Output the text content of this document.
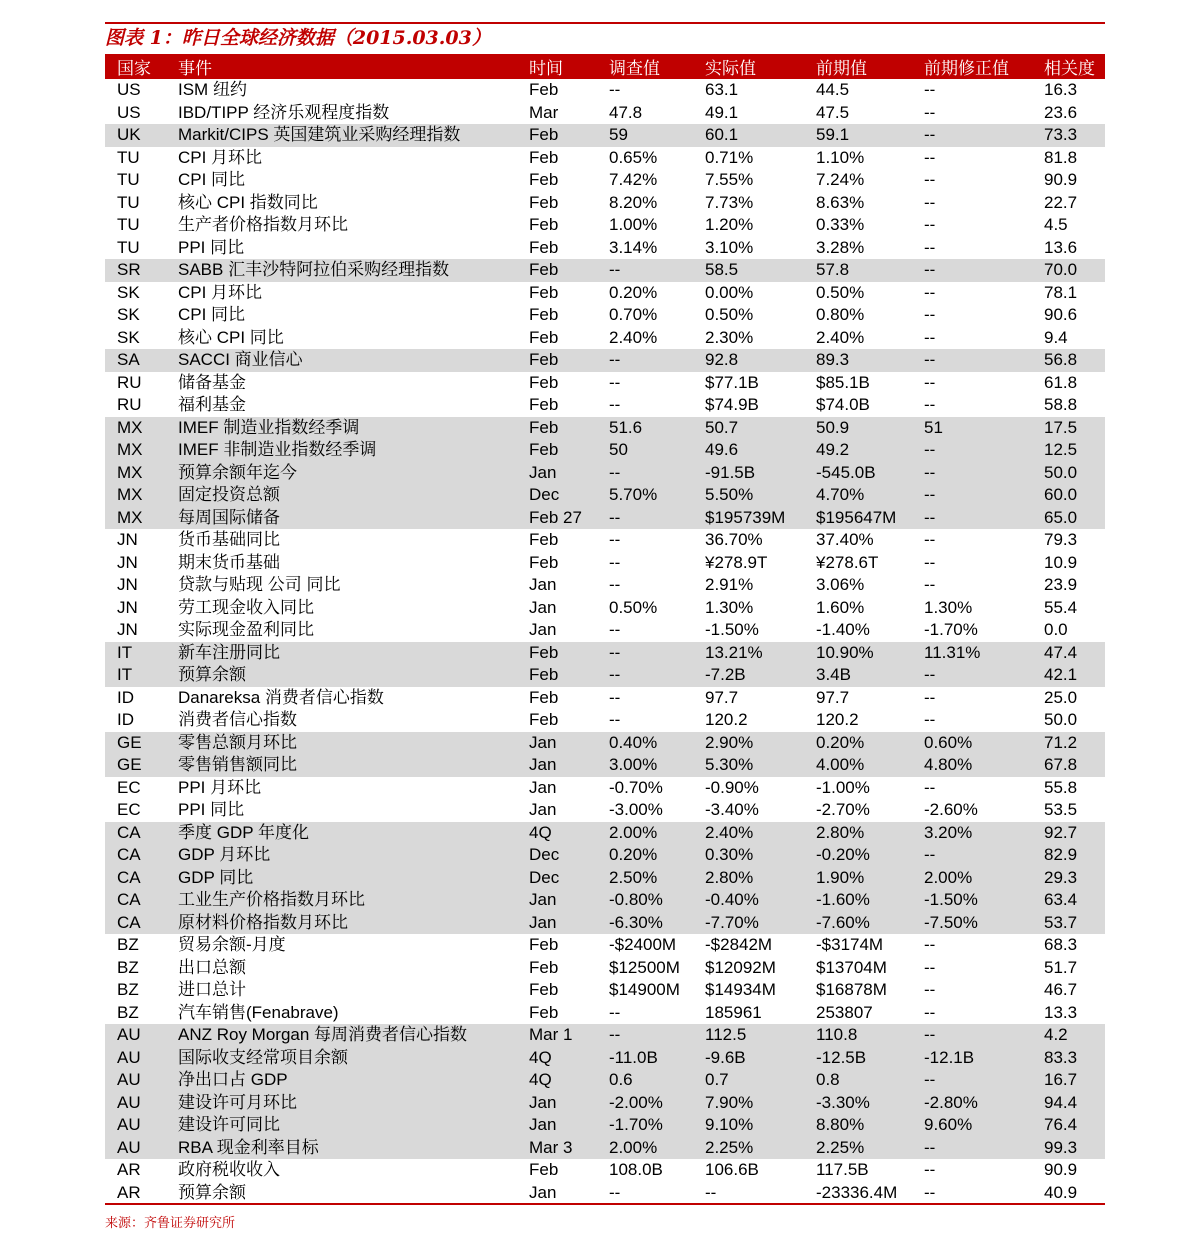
图表 1：昨日全球经济数据（2015.03.03）
国家	事件	时间	调查值	实际值	前期值	前期修正值	相关度
US	ISM 纽约	Feb	--	63.1	44.5	--	16.3
US	IBD/TIPP 经济乐观程度指数	Mar	47.8	49.1	47.5	--	23.6
UK	Markit/CIPS 英国建筑业采购经理指数	Feb	59	60.1	59.1	--	73.3
TU	CPI 月环比	Feb	0.65%	0.71%	1.10%	--	81.8
TU	CPI 同比	Feb	7.42%	7.55%	7.24%	--	90.9
TU	核心 CPI 指数同比	Feb	8.20%	7.73%	8.63%	--	22.7
TU	生产者价格指数月环比	Feb	1.00%	1.20%	0.33%	--	4.5
TU	PPI 同比	Feb	3.14%	3.10%	3.28%	--	13.6
SR	SABB 汇丰沙特阿拉伯采购经理指数	Feb	--	58.5	57.8	--	70.0
SK	CPI 月环比	Feb	0.20%	0.00%	0.50%	--	78.1
SK	CPI 同比	Feb	0.70%	0.50%	0.80%	--	90.6
SK	核心 CPI 同比	Feb	2.40%	2.30%	2.40%	--	9.4
SA	SACCI 商业信心	Feb	--	92.8	89.3	--	56.8
RU	储备基金	Feb	--	$77.1B	$85.1B	--	61.8
RU	福利基金	Feb	--	$74.9B	$74.0B	--	58.8
MX	IMEF 制造业指数经季调	Feb	51.6	50.7	50.9	51	17.5
MX	IMEF 非制造业指数经季调	Feb	50	49.6	49.2	--	12.5
MX	预算余额年迄今	Jan	--	-91.5B	-545.0B	--	50.0
MX	固定投资总额	Dec	5.70%	5.50%	4.70%	--	60.0
MX	每周国际储备	Feb 27	--	$195739M	$195647M	--	65.0
JN	货币基础同比	Feb	--	36.70%	37.40%	--	79.3
JN	期末货币基础	Feb	--	¥278.9T	¥278.6T	--	10.9
JN	贷款与贴现 公司 同比	Jan	--	2.91%	3.06%	--	23.9
JN	劳工现金收入同比	Jan	0.50%	1.30%	1.60%	1.30%	55.4
JN	实际现金盈利同比	Jan	--	-1.50%	-1.40%	-1.70%	0.0
IT	新车注册同比	Feb	--	13.21%	10.90%	11.31%	47.4
IT	预算余额	Feb	--	-7.2B	3.4B	--	42.1
ID	Danareksa 消费者信心指数	Feb	--	97.7	97.7	--	25.0
ID	消费者信心指数	Feb	--	120.2	120.2	--	50.0
GE	零售总额月环比	Jan	0.40%	2.90%	0.20%	0.60%	71.2
GE	零售销售额同比	Jan	3.00%	5.30%	4.00%	4.80%	67.8
EC	PPI 月环比	Jan	-0.70%	-0.90%	-1.00%	--	55.8
EC	PPI 同比	Jan	-3.00%	-3.40%	-2.70%	-2.60%	53.5
CA	季度 GDP 年度化	4Q	2.00%	2.40%	2.80%	3.20%	92.7
CA	GDP 月环比	Dec	0.20%	0.30%	-0.20%	--	82.9
CA	GDP 同比	Dec	2.50%	2.80%	1.90%	2.00%	29.3
CA	工业生产价格指数月环比	Jan	-0.80%	-0.40%	-1.60%	-1.50%	63.4
CA	原材料价格指数月环比	Jan	-6.30%	-7.70%	-7.60%	-7.50%	53.7
BZ	贸易余额-月度	Feb	-$2400M	-$2842M	-$3174M	--	68.3
BZ	出口总额	Feb	$12500M	$12092M	$13704M	--	51.7
BZ	进口总计	Feb	$14900M	$14934M	$16878M	--	46.7
BZ	汽车销售(Fenabrave)	Feb	--	185961	253807	--	13.3
AU	ANZ Roy Morgan 每周消费者信心指数	Mar 1	--	112.5	110.8	--	4.2
AU	国际收支经常项目余额	4Q	-11.0B	-9.6B	-12.5B	-12.1B	83.3
AU	净出口占 GDP	4Q	0.6	0.7	0.8	--	16.7
AU	建设许可月环比	Jan	-2.00%	7.90%	-3.30%	-2.80%	94.4
AU	建设许可同比	Jan	-1.70%	9.10%	8.80%	9.60%	76.4
AU	RBA 现金利率目标	Mar 3	2.00%	2.25%	2.25%	--	99.3
AR	政府税收收入	Feb	108.0B	106.6B	117.5B	--	90.9
AR	预算余额	Jan	--	--	-23336.4M	--	40.9
来源：齐鲁证券研究所
